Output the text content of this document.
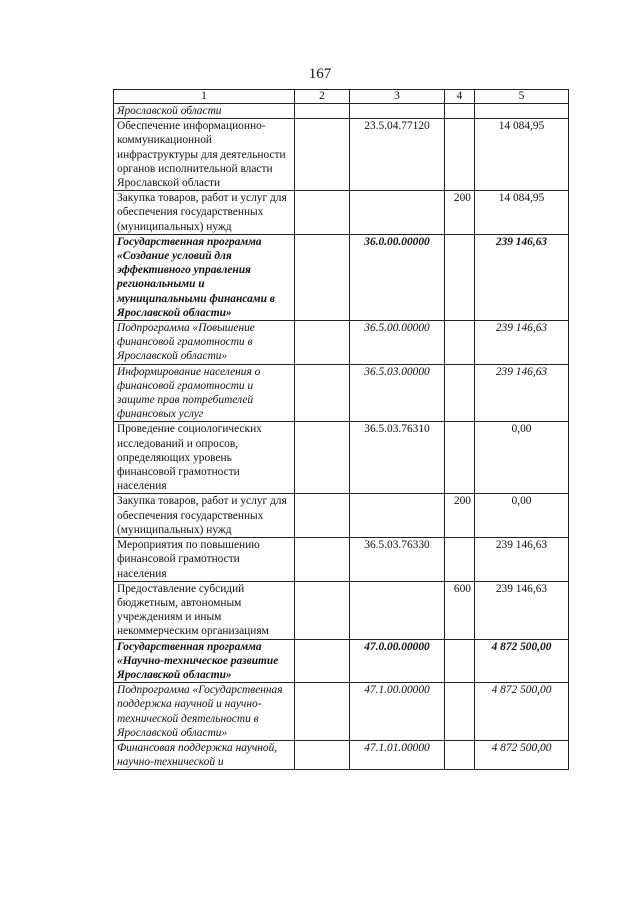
167
1	2	3	4	5
Ярославской области				
Обеспечение информационно-коммуникационной инфраструктуры для деятельности органов исполнительной власти Ярославской области		23.5.04.77120		14 084,95
Закупка товаров, работ и услуг для обеспечения государственных (муниципальных) нужд			200	14 084,95
Государственная программа «Создание условий для эффективного управления региональными и муниципальными финансами в Ярославской области»		36.0.00.00000		239 146,63
Подпрограмма «Повышение финансовой грамотности в Ярославской области»		36.5.00.00000		239 146,63
Информирование населения о финансовой грамотности и защите прав потребителей финансовых услуг		36.5.03.00000		239 146,63
Проведение социологических исследований и опросов, определяющих уровень финансовой грамотности населения		36.5.03.76310		0,00
Закупка товаров, работ и услуг для обеспечения государственных (муниципальных) нужд			200	0,00
Мероприятия по повышению финансовой грамотности населения		36.5.03.76330		239 146,63
Предоставление субсидий бюджетным, автономным учреждениям и иным некоммерческим организациям			600	239 146,63
Государственная программа «Научно-техническое развитие Ярославской области»		47.0.00.00000		4 872 500,00
Подпрограмма «Государственная поддержка научной и научно-технической деятельности в Ярославской области»		47.1.00.00000		4 872 500,00
Финансовая поддержка научной, научно-технической и		47.1.01.00000		4 872 500,00
